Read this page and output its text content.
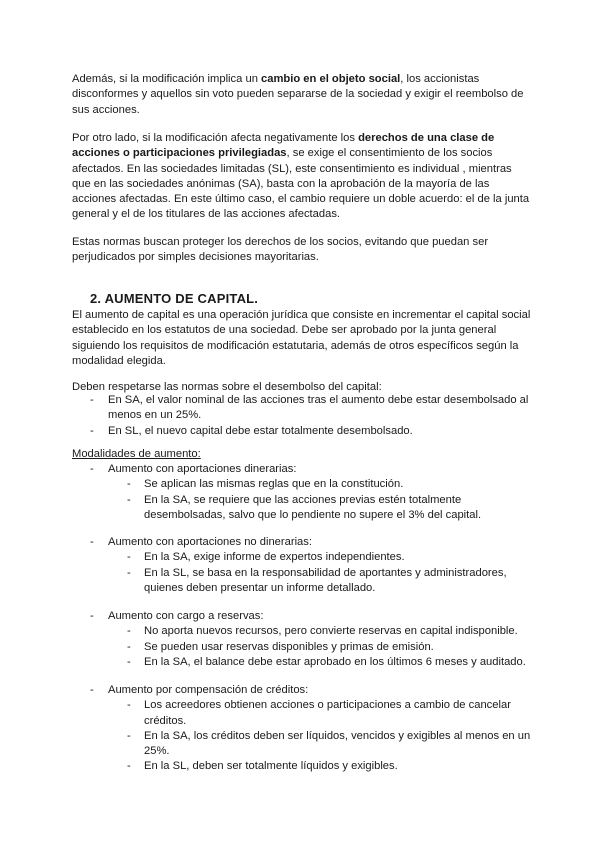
Además, si la modificación implica un cambio en el objeto social, los accionistas disconformes y aquellos sin voto pueden separarse de la sociedad y exigir el reembolso de sus acciones.

Por otro lado, si la modificación afecta negativamente los derechos de una clase de acciones o participaciones privilegiadas, se exige el consentimiento de los socios afectados. En las sociedades limitadas (SL), este consentimiento es individual , mientras que en las sociedades anónimas (SA), basta con la aprobación de la mayoría de las acciones afectadas. En este último caso, el cambio requiere un doble acuerdo: el de la junta general y el de los titulares de las acciones afectadas.

Estas normas buscan proteger los derechos de los socios, evitando que puedan ser perjudicados por simples decisiones mayoritarias.

2. AUMENTO DE CAPITAL.

El aumento de capital es una operación jurídica que consiste en incrementar el capital social establecido en los estatutos de una sociedad. Debe ser aprobado por la junta general siguiendo los requisitos de modificación estatutaria, además de otros específicos según la modalidad elegida.

Deben respetarse las normas sobre el desembolso del capital:

- En SA, el valor nominal de las acciones tras el aumento debe estar desembolsado al menos en un 25%.
- En SL, el nuevo capital debe estar totalmente desembolsado.

Modalidades de aumento:

- Aumento con aportaciones dinerarias:
- Se aplican las mismas reglas que en la constitución.
- En la SA, se requiere que las acciones previas estén totalmente desembolsadas, salvo que lo pendiente no supere el 3% del capital.
- Aumento con aportaciones no dinerarias:
- En la SA, exige informe de expertos independientes.
- En la SL, se basa en la responsabilidad de aportantes y administradores, quienes deben presentar un informe detallado.
- Aumento con cargo a reservas:
- No aporta nuevos recursos, pero convierte reservas en capital indisponible.
- Se pueden usar reservas disponibles y primas de emisión.
- En la SA, el balance debe estar aprobado en los últimos 6 meses y auditado.
- Aumento por compensación de créditos:
- Los acreedores obtienen acciones o participaciones a cambio de cancelar créditos.
- En la SA, los créditos deben ser líquidos, vencidos y exigibles al menos en un 25%.
- En la SL, deben ser totalmente líquidos y exigibles.
